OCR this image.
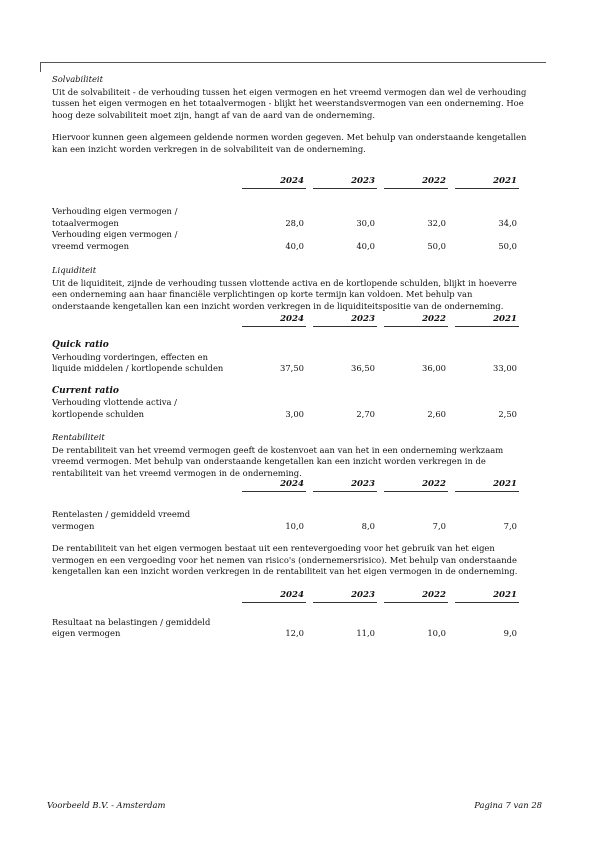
Solvabiliteit

Uit de solvabiliteit - de verhouding tussen het eigen vermogen en het vreemd vermogen dan wel de verhouding tussen het eigen vermogen en het totaalvermogen - blijkt het weerstandsvermogen van een onderneming. Hoe hoog deze solvabiliteit moet zijn, hangt af van de aard van de onderneming.

Hiervoor kunnen geen algemeen geldende normen worden gegeven. Met behulp van onderstaande kengetallen kan een inzicht worden verkregen in de solvabiliteit van de onderneming.

2024	2023	2022	2021
Verhouding eigen vermogen /
totaalvermogen	28,0	30,0	32,0	34,0
Verhouding eigen vermogen /
vreemd vermogen	40,0	40,0	50,0	50,0
Liquiditeit

Uit de liquiditeit, zijnde de verhouding tussen vlottende activa en de kortlopende schulden, blijkt in hoeverre een onderneming aan haar financiële verplichtingen op korte termijn kan voldoen. Met behulp van onderstaande kengetallen kan een inzicht worden verkregen in de liquiditeitspositie van de onderneming.

2024	2023	2022	2021
Quick ratio
Verhouding vorderingen, effecten en
liquide middelen / kortlopende schulden	37,50	36,50	36,00	33,00
Current ratio
Verhouding vlottende activa /
kortlopende schulden	3,00	2,70	2,60	2,50
Rentabiliteit

De rentabiliteit van het vreemd vermogen geeft de kostenvoet aan van het in een onderneming werkzaam vreemd vermogen. Met behulp van onderstaande kengetallen kan een inzicht worden verkregen in de rentabiliteit van het vreemd vermogen in de onderneming.

2024	2023	2022	2021
Rentelasten / gemiddeld vreemd
vermogen	10,0	8,0	7,0	7,0

De rentabiliteit van het eigen vermogen bestaat uit een rentevergoeding voor het gebruik van het eigen vermogen en een vergoeding voor het nemen van risico's (ondernemersrisico). Met behulp van onderstaande kengetallen kan een inzicht worden verkregen in de rentabiliteit van het eigen vermogen in de onderneming.

2024	2023	2022	2021
Resultaat na belastingen / gemiddeld
eigen vermogen	12,0	11,0	10,0	9,0
Voorbeeld B.V. - Amsterdam	Pagina 7 van 28
